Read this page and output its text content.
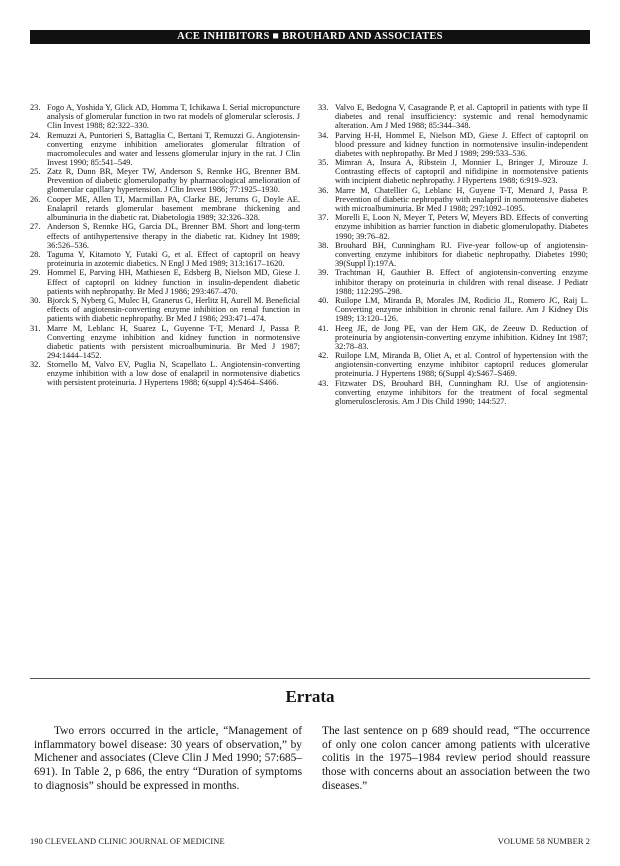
ACE INHIBITORS ■ BROUHARD AND ASSOCIATES
23. Fogo A, Yoshida Y, Glick AD, Homma T, Ichikawa I. Serial micropuncture analysis of glomerular function in two rat models of glomerular sclerosis. J Clin Invest 1988; 82:322–330.
24. Remuzzi A, Puntorieri S, Battaglia C, Bertani T, Remuzzi G. Angiotensin-converting enzyme inhibition ameliorates glomerular filtration of macromolecules and water and lessens glomerular injury in the rat. J Clin Invest 1990; 85:541–549.
25. Zatz R, Dunn BR, Meyer TW, Anderson S, Rennke HG, Brenner BM. Prevention of diabetic glomerulopathy by pharmacological amelioration of glomerular capillary hypertension. J Clin Invest 1986; 77:1925–1930.
26. Cooper ME, Allen TJ, Macmillan PA, Clarke BE, Jerums G, Doyle AE. Enalapril retards glomerular basement membrane thickening and albuminuria in the diabetic rat. Diabetologia 1989; 32:326–328.
27. Anderson S, Rennke HG, Garcia DL, Brenner BM. Short and long-term effects of antihypertensive therapy in the diabetic rat. Kidney Int 1989; 36:526–536.
28. Taguma Y, Kitamoto Y, Futaki G, et al. Effect of captopril on heavy proteinuria in azotemic diabetics. N Engl J Med 1989; 313:1617–1620.
29. Hommel E, Parving HH, Mathiesen E, Edsberg B, Nielson MD, Giese J. Effect of captopril on kidney function in insulin-dependent diabetic patients with nephropathy. Br Med J 1986; 293:467–470.
30. Bjorck S, Nyberg G, Mulec H, Granerus G, Herlitz H, Aurell M. Beneficial effects of angiotensin-converting enzyme inhibition on renal function in patients with diabetic nephropathy. Br Med J 1986; 293:471–474.
31. Marre M, Leblanc H, Suarez L, Guyenne T-T, Menard J, Passa P. Converting enzyme inhibition and kidney function in normotensive diabetic patients with persistent microalbuminuria. Br Med J 1987; 294:1444–1452.
32. Stornello M, Valvo EV, Puglia N, Scapellato L. Angiotensin-converting enzyme inhibition with a low dose of enalapril in normotensive diabetics with persistent proteinuria. J Hypertens 1988; 6(suppl 4):S464–S466.
33. Valvo E, Bedogna V, Casagrande P, et al. Captopril in patients with type II diabetes and renal insufficiency: systemic and renal hemodynamic alteration. Am J Med 1988; 85:344–348.
34. Parving H-H, Hommel E, Nielson MD, Giese J. Effect of captopril on blood pressure and kidney function in normotensive insulin-independent diabetes with nephropathy. Br Med J 1989; 299:533–536.
35. Mimran A, Insura A, Ribstein J, Monnier L, Bringer J, Mirouze J. Contrasting effects of captopril and nifidipine in normotensive patients with incipient diabetic nephropathy. J Hypertens 1988; 6:919–923.
36. Marre M, Chatellier G, Leblanc H, Guyene T-T, Menard J, Passa P. Prevention of diabetic nephropathy with enalapril in normotensive diabetes with microalbuminuria. Br Med J 1988; 297:1092–1095.
37. Morelli E, Loon N, Meyer T, Peters W, Meyers BD. Effects of converting enzyme inhibition as barrier function in diabetic glomerulopathy. Diabetes 1990; 39:76–82.
38. Brouhard BH, Cunningham RJ. Five-year follow-up of angiotensin-converting enzyme inhibitors for diabetic nephropathy. Diabetes 1990; 39(Suppl I):197A.
39. Trachtman H, Gauthier B. Effect of angiotensin-converting enzyme inhibitor therapy on proteinuria in children with renal disease. J Pediatr 1988; 112:295–298.
40. Ruilope LM, Miranda B, Morales JM, Rodicio JL, Romero JC, Raij L. Converting enzyme inhibition in chronic renal failure. Am J Kidney Dis 1989; 13:120–126.
41. Heeg JE, de Jong PE, van der Hem GK, de Zeeuw D. Reduction of proteinuria by angiotensin-converting enzyme inhibition. Kidney Int 1987; 32:78–83.
42. Ruilope LM, Miranda B, Oliet A, et al. Control of hypertension with the angiotensin-converting enzyme inhibitor captopril reduces glomerular proteinuria. J Hypertens 1988; 6(Suppl 4):S467–S469.
43. Fitzwater DS, Brouhard BH, Cunningham RJ. Use of angiotensin-converting enzyme inhibitors for the treatment of focal segmental glomerulosclerosis. Am J Dis Child 1990; 144:527.
Errata
Two errors occurred in the article, “Management of inflammatory bowel disease: 30 years of observation,” by Michener and associates (Cleve Clin J Med 1990; 57:685–691). In Table 2, p 686, the entry “Duration of symptoms to diagnosis” should be expressed in months.
The last sentence on p 689 should read, “The occurrence of only one colon cancer among patients with ulcerative colitis in the 1975–1984 review period should reassure those with concerns about an association between the two diseases.”
190 CLEVELAND CLINIC JOURNAL OF MEDICINE	VOLUME 58 NUMBER 2
